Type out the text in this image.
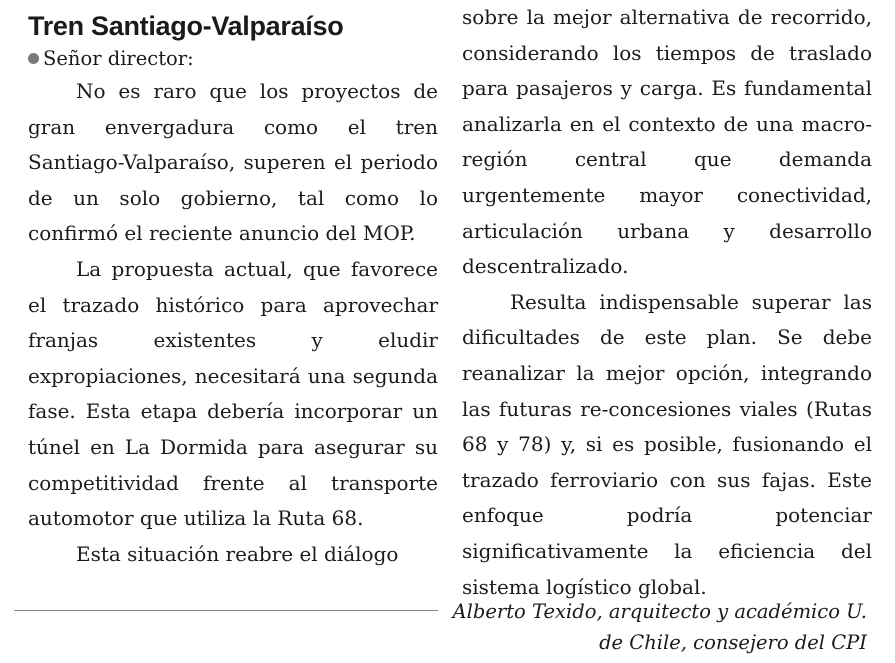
Tren Santiago-Valparaíso
Señor director:

No es raro que los proyectos de gran envergadura como el tren Santiago-Valparaíso, superen el periodo de un solo gobierno, tal como lo confirmó el reciente anuncio del MOP.

La propuesta actual, que favorece el trazado histórico para aprovechar franjas existentes y eludir expropiaciones, necesitará una segunda fase. Esta etapa debería incorporar un túnel en La Dormida para asegurar su competitividad frente al transporte automotor que utiliza la Ruta 68.

Esta situación reabre el diálogo

sobre la mejor alternativa de recorrido, considerando los tiempos de traslado para pasajeros y carga. Es fundamental analizarla en el contexto de una macro-región central que demanda urgentemente mayor conectividad, articulación urbana y desarrollo descentralizado.

Resulta indispensable superar las dificultades de este plan. Se debe reanalizar la mejor opción, integrando las futuras re-concesiones viales (Rutas 68 y 78) y, si es posible, fusionando el trazado ferroviario con sus fajas. Este enfoque podría potenciar significativamente la eficiencia del sistema logístico global.

Alberto Texido, arquitecto y académico U. de Chile, consejero del CPI
